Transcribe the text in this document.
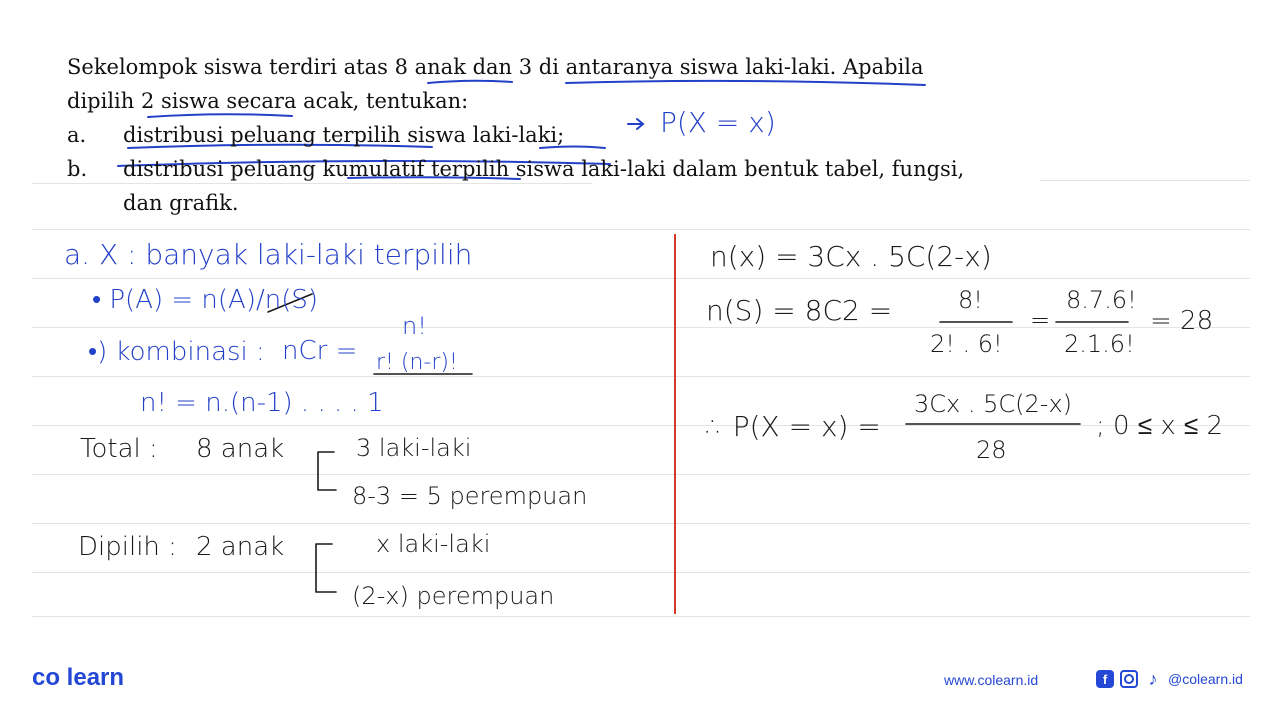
Sekelompok siswa terdiri atas 8 anak dan 3 di antaranya siswa laki-laki. Apabila
dipilih 2 siswa secara acak, tentukan:
a. distribusi peluang terpilih siswa laki-laki;
b. distribusi peluang kumulatif terpilih siswa laki-laki dalam bentuk tabel, fungsi,
dan grafik.
P(X = x)
a. X : banyak laki-laki terpilih
• P(A) = n(A)/n(S)
•) kombinasi : nCr =
n!
r! (n-r)!
n! = n.(n-1) . . . . 1
Total : 8 anak	3 laki-laki
8-3 = 5 perempuan
Dipilih : 2 anak	x laki-laki
(2-x) perempuan
n(x) = 3Cx . 5C(2-x)
n(S) = 8C2 =	8!
2! . 6!
=
8.7.6!
2.1.6!
= 28
∴ P(X = x) =
3Cx . 5C(2-x)
28
; 0 ≤ x ≤ 2
co learn	www.colearn.id	f	♪ @colearn.id
